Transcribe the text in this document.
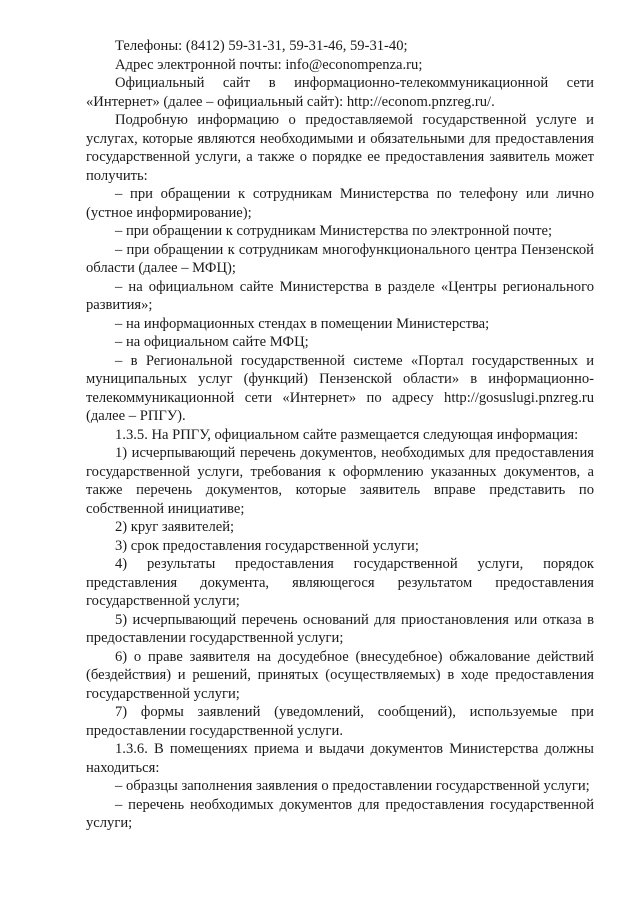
Телефоны: (8412) 59-31-31, 59-31-46, 59-31-40;

Адрес электронной почты: info@econompenza.ru;

Официальный сайт в информационно-телекоммуникационной сети «Интернет» (далее – официальный сайт): http://econom.pnzreg.ru/.

Подробную информацию о предоставляемой государственной услуге и услугах, которые являются необходимыми и обязательными для предоставления государственной услуги, а также о порядке ее предоставления заявитель может получить:

– при обращении к сотрудникам Министерства по телефону или лично (устное информирование);

– при обращении к сотрудникам Министерства по электронной почте;

– при обращении к сотрудникам многофункционального центра Пензенской области (далее – МФЦ);

– на официальном сайте Министерства в разделе «Центры регионального развития»;

– на информационных стендах в помещении Министерства;

– на официальном сайте МФЦ;

– в Региональной государственной системе «Портал государственных и муниципальных услуг (функций) Пензенской области» в информационно-телекоммуникационной сети «Интернет» по адресу http://gosuslugi.pnzreg.ru (далее – РПГУ).

1.3.5. На РПГУ, официальном сайте размещается следующая информация:

1) исчерпывающий перечень документов, необходимых для предоставления государственной услуги, требования к оформлению указанных документов, а также перечень документов, которые заявитель вправе представить по собственной инициативе;

2) круг заявителей;

3) срок предоставления государственной услуги;

4) результаты предоставления государственной услуги, порядок представления документа, являющегося результатом предоставления государственной услуги;

5) исчерпывающий перечень оснований для приостановления или отказа в предоставлении государственной услуги;

6) о праве заявителя на досудебное (внесудебное) обжалование действий (бездействия) и решений, принятых (осуществляемых) в ходе предоставления государственной услуги;

7) формы заявлений (уведомлений, сообщений), используемые при предоставлении государственной услуги.

1.3.6. В помещениях приема и выдачи документов Министерства должны находиться:

– образцы заполнения заявления о предоставлении государственной услуги;

– перечень необходимых документов для предоставления государственной услуги;
